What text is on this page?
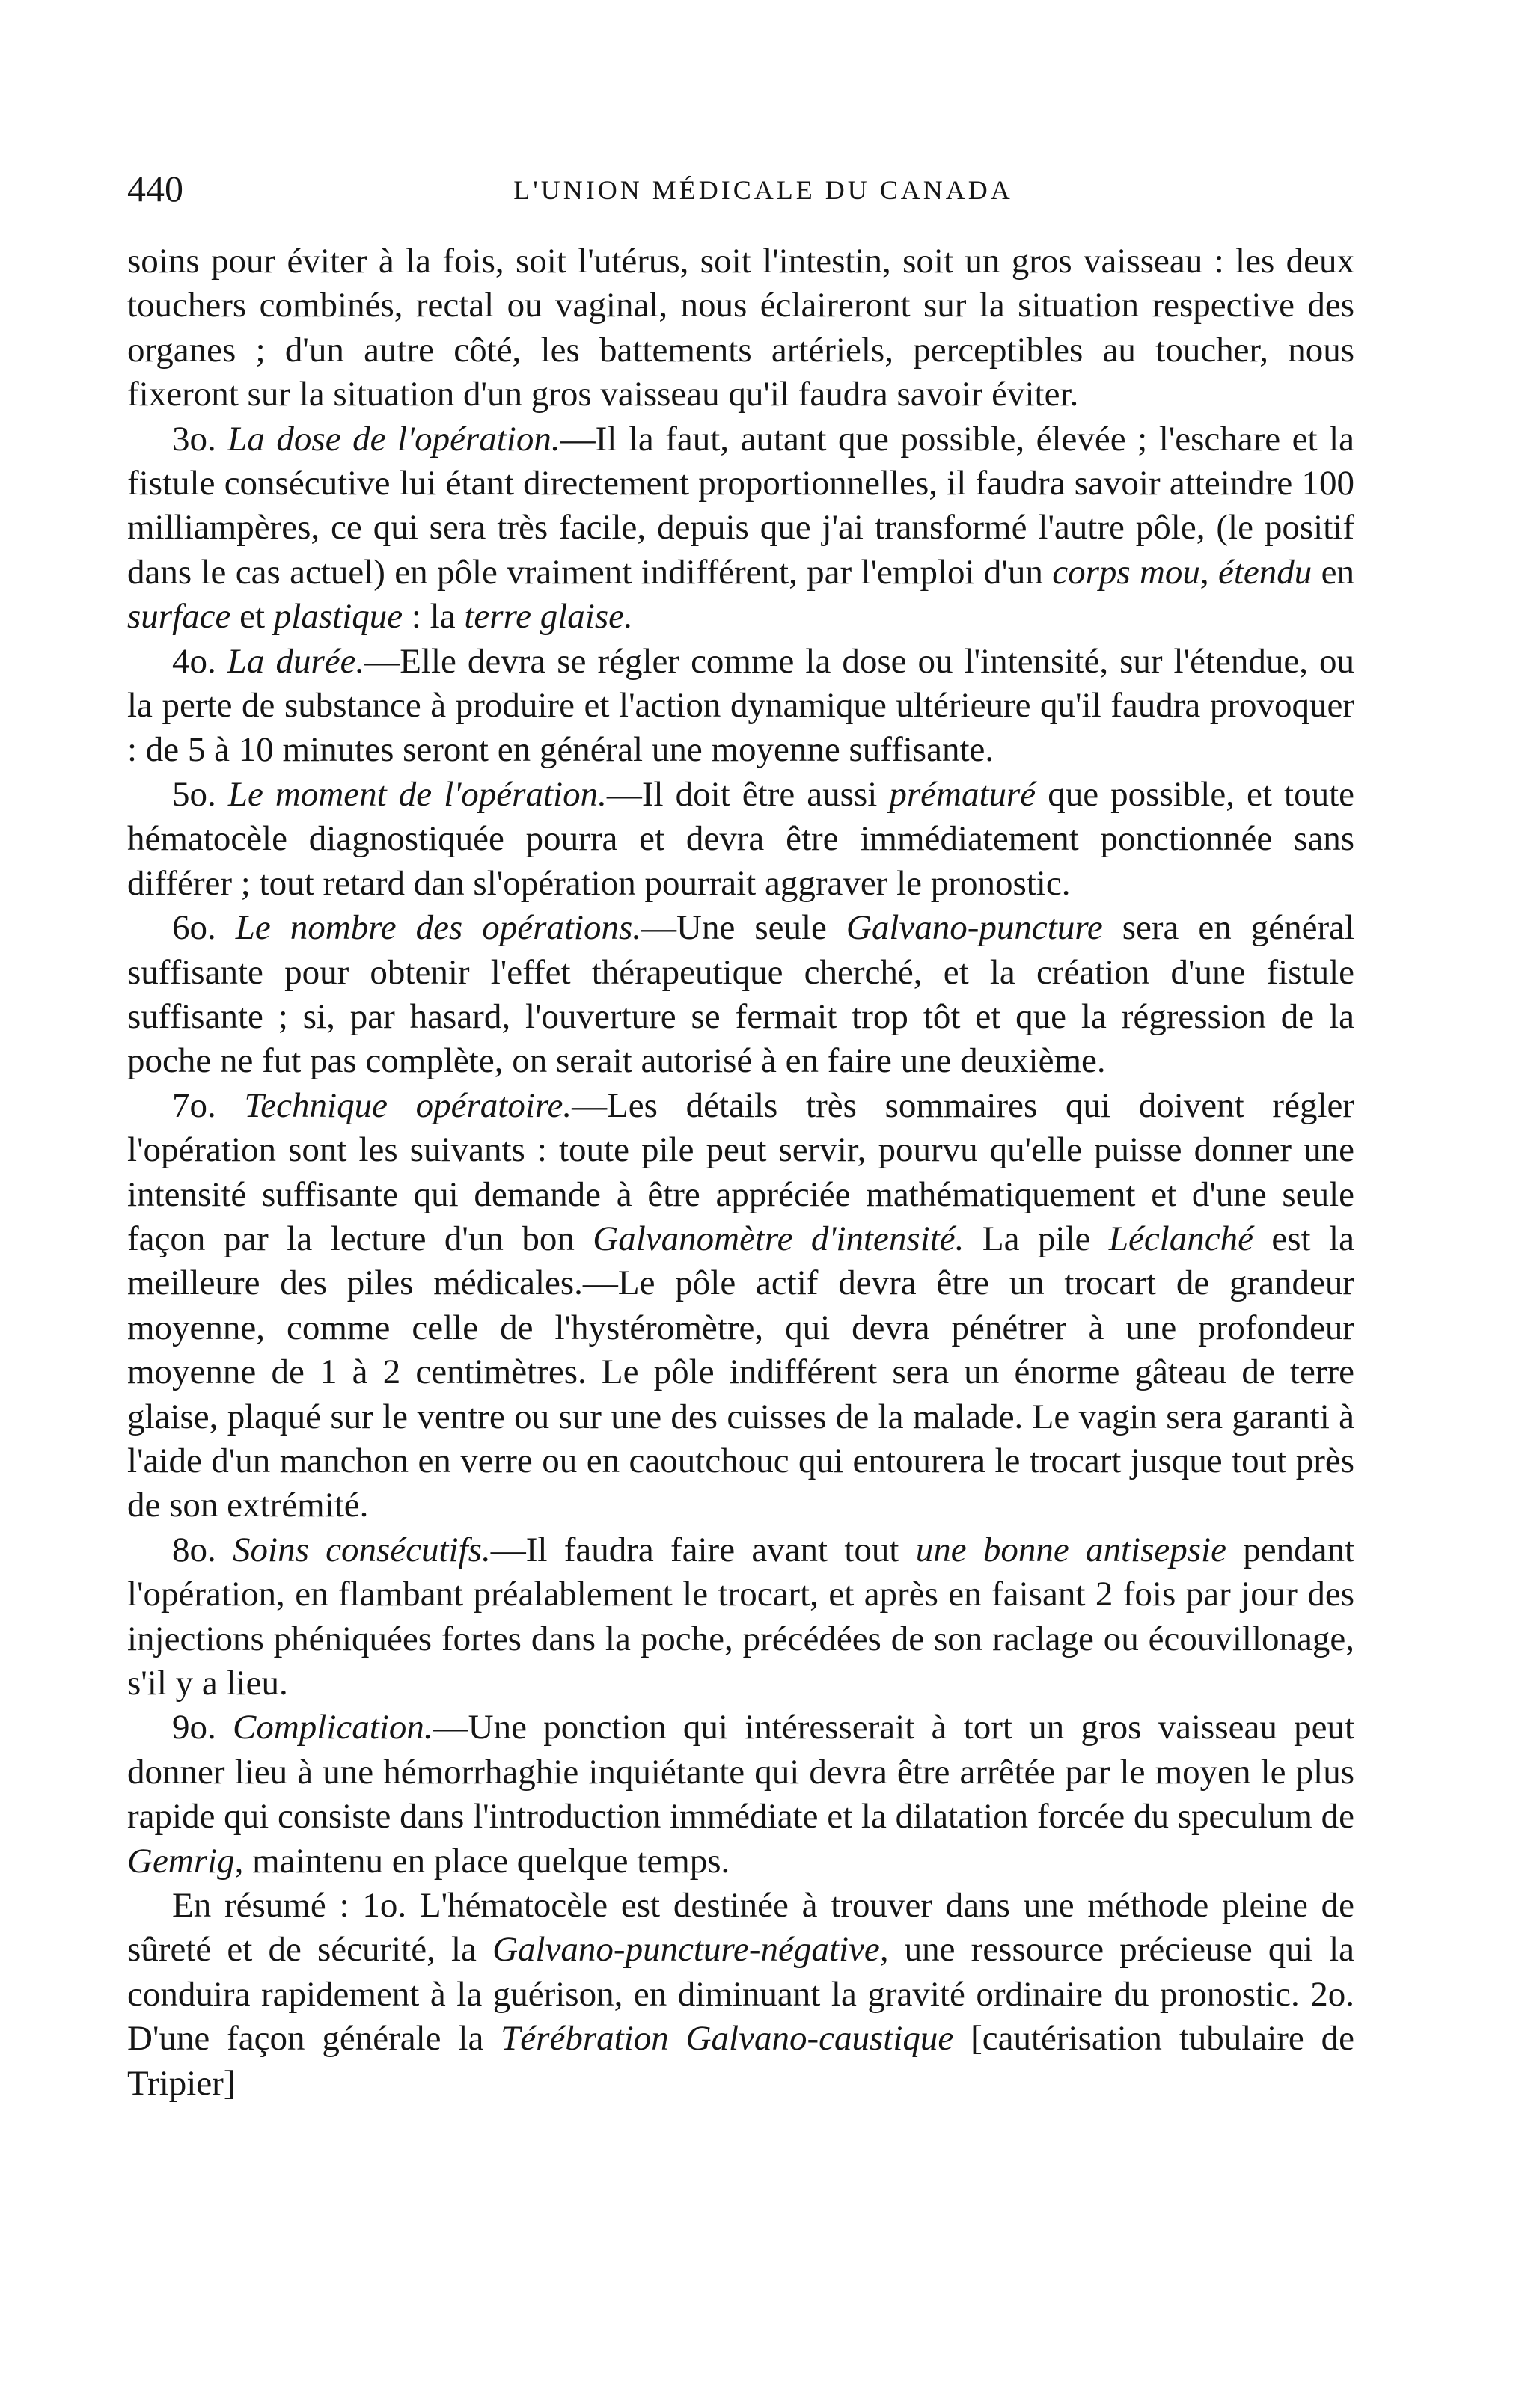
440	L'UNION MÉDICALE DU CANADA

soins pour éviter à la fois, soit l'utérus, soit l'intestin, soit un gros vaisseau : les deux touchers combinés, rectal ou vaginal, nous éclaireront sur la situation respective des organes ; d'un autre côté, les battements artériels, perceptibles au toucher, nous fixeront sur la situation d'un gros vaisseau qu'il faudra savoir éviter.

3o. La dose de l'opération.—Il la faut, autant que possible, élevée ; l'eschare et la fistule consécutive lui étant directement proportionnelles, il faudra savoir atteindre 100 milliampères, ce qui sera très facile, depuis que j'ai transformé l'autre pôle, (le positif dans le cas actuel) en pôle vraiment indifférent, par l'emploi d'un corps mou, étendu en surface et plastique : la terre glaise.

4o. La durée.—Elle devra se régler comme la dose ou l'intensité, sur l'étendue, ou la perte de substance à produire et l'action dynamique ultérieure qu'il faudra provoquer : de 5 à 10 minutes seront en général une moyenne suffisante.

5o. Le moment de l'opération.—Il doit être aussi prématuré que possible, et toute hématocèle diagnostiquée pourra et devra être immédiatement ponctionnée sans différer ; tout retard dan sl'opération pourrait aggraver le pronostic.

6o. Le nombre des opérations.—Une seule Galvano-puncture sera en général suffisante pour obtenir l'effet thérapeutique cherché, et la création d'une fistule suffisante ; si, par hasard, l'ouverture se fermait trop tôt et que la régression de la poche ne fut pas complète, on serait autorisé à en faire une deuxième.

7o. Technique opératoire.—Les détails très sommaires qui doivent régler l'opération sont les suivants : toute pile peut servir, pourvu qu'elle puisse donner une intensité suffisante qui demande à être appréciée mathématiquement et d'une seule façon par la lecture d'un bon Galvanomètre d'intensité. La pile Léclanché est la meilleure des piles médicales.—Le pôle actif devra être un trocart de grandeur moyenne, comme celle de l'hystéromètre, qui devra pénétrer à une profondeur moyenne de 1 à 2 centimètres. Le pôle indifférent sera un énorme gâteau de terre glaise, plaqué sur le ventre ou sur une des cuisses de la malade. Le vagin sera garanti à l'aide d'un manchon en verre ou en caoutchouc qui entourera le trocart jusque tout près de son extrémité.

8o. Soins consécutifs.—Il faudra faire avant tout une bonne antisepsie pendant l'opération, en flambant préalablement le trocart, et après en faisant 2 fois par jour des injections phéniquées fortes dans la poche, précédées de son raclage ou écouvillonage, s'il y a lieu.

9o. Complication.—Une ponction qui intéresserait à tort un gros vaisseau peut donner lieu à une hémorrhaghie inquiétante qui devra être arrêtée par le moyen le plus rapide qui consiste dans l'introduction immédiate et la dilatation forcée du speculum de Gemrig, maintenu en place quelque temps.

En résumé : 1o. L'hématocèle est destinée à trouver dans une méthode pleine de sûreté et de sécurité, la Galvano-puncture-négative, une ressource précieuse qui la conduira rapidement à la guérison, en diminuant la gravité ordinaire du pronostic. 2o. D'une façon générale la Térébration Galvano-caustique [cautérisation tubulaire de Tripier]
